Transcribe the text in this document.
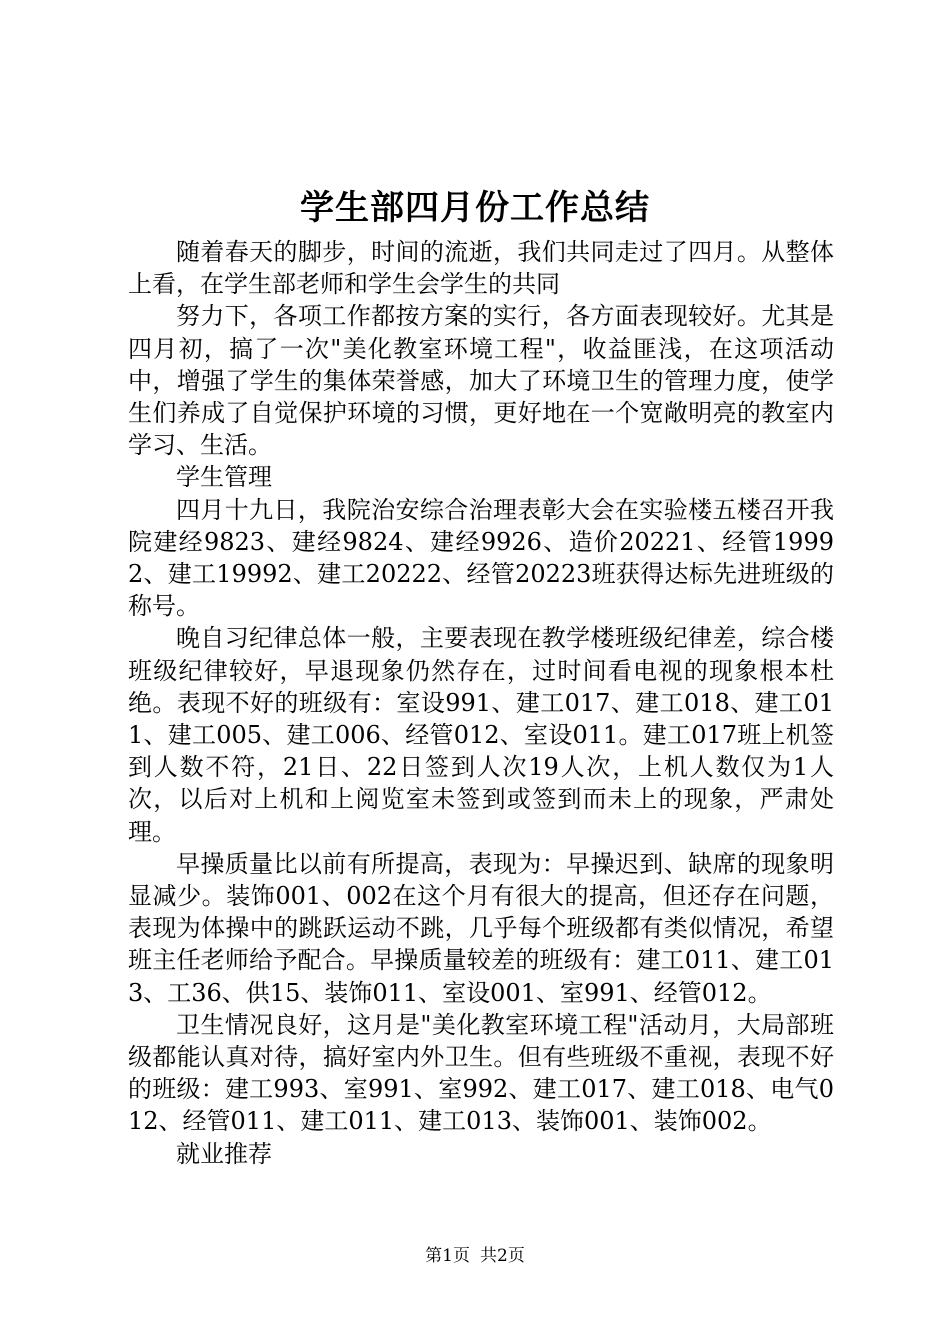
学生部四月份工作总结

随着春天的脚步，时间的流逝，我们共同走过了四月。从整体上看，在学生部老师和学生会学生的共同

努力下，各项工作都按方案的实行，各方面表现较好。尤其是四月初，搞了一次"美化教室环境工程"，收益匪浅，在这项活动中，增强了学生的集体荣誉感，加大了环境卫生的管理力度，使学生们养成了自觉保护环境的习惯，更好地在一个宽敞明亮的教室内学习、生活。

学生管理

四月十九日，我院治安综合治理表彰大会在实验楼五楼召开我院建经9823、建经9824、建经9926、造价20221、经管19992、建工19992、建工20222、经管20223班获得达标先进班级的称号。

晚自习纪律总体一般，主要表现在教学楼班级纪律差，综合楼班级纪律较好，早退现象仍然存在，过时间看电视的现象根本杜绝。表现不好的班级有：室设991、建工017、建工018、建工011、建工005、建工006、经管012、室设011。建工017班上机签到人数不符，21日、22日签到人次19人次，上机人数仅为1人次，以后对上机和上阅览室未签到或签到而未上的现象，严肃处理。

早操质量比以前有所提高，表现为：早操迟到、缺席的现象明显减少。装饰001、002在这个月有很大的提高，但还存在问题，表现为体操中的跳跃运动不跳，几乎每个班级都有类似情况，希望班主任老师给予配合。早操质量较差的班级有：建工011、建工013、工36、供15、装饰011、室设001、室991、经管012。

卫生情况良好，这月是"美化教室环境工程"活动月，大局部班级都能认真对待，搞好室内外卫生。但有些班级不重视，表现不好的班级：建工993、室991、室992、建工017、建工018、电气012、经管011、建工011、建工013、装饰001、装饰002。

就业推荐

第1页 共2页
